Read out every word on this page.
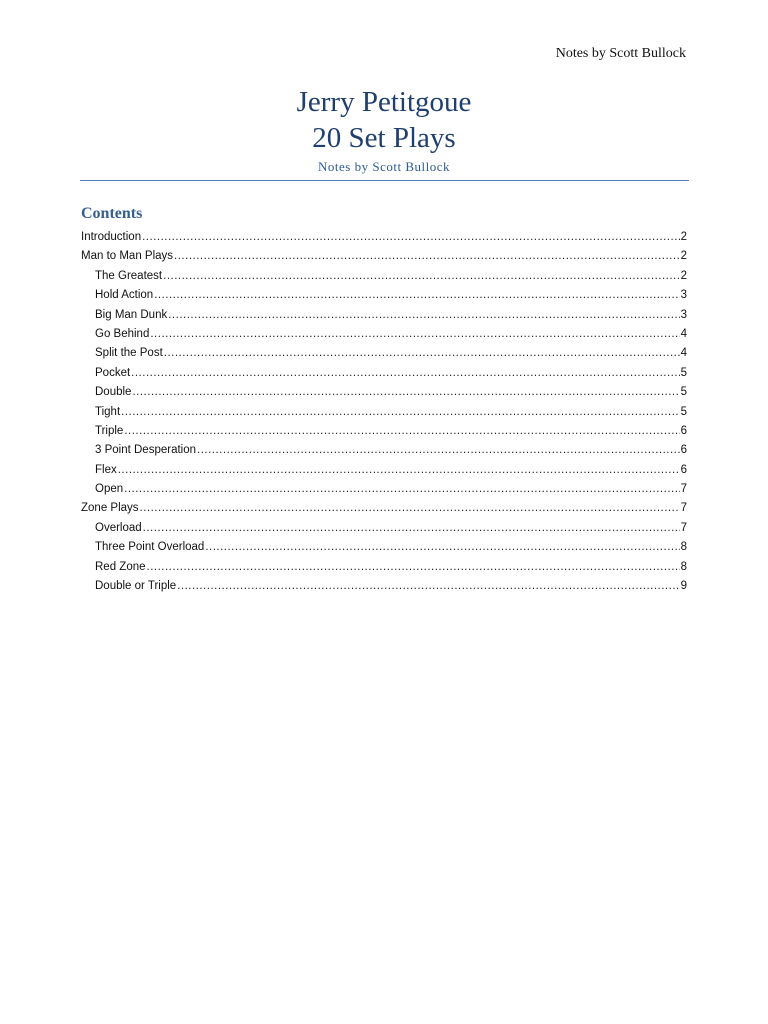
Notes by Scott Bullock
Jerry Petitgoue
20 Set Plays
Notes by Scott Bullock
Contents
Introduction .....	2
Man to Man Plays .....	2
The Greatest .....	2
Hold Action .....	3
Big Man Dunk .....	3
Go Behind .....	4
Split the Post .....	4
Pocket .....	5
Double .....	5
Tight .....	5
Triple .....	6
3 Point Desperation .....	6
Flex .....	6
Open .....	7
Zone Plays .....	7
Overload .....	7
Three Point Overload .....	8
Red Zone .....	8
Double or Triple .....	9
